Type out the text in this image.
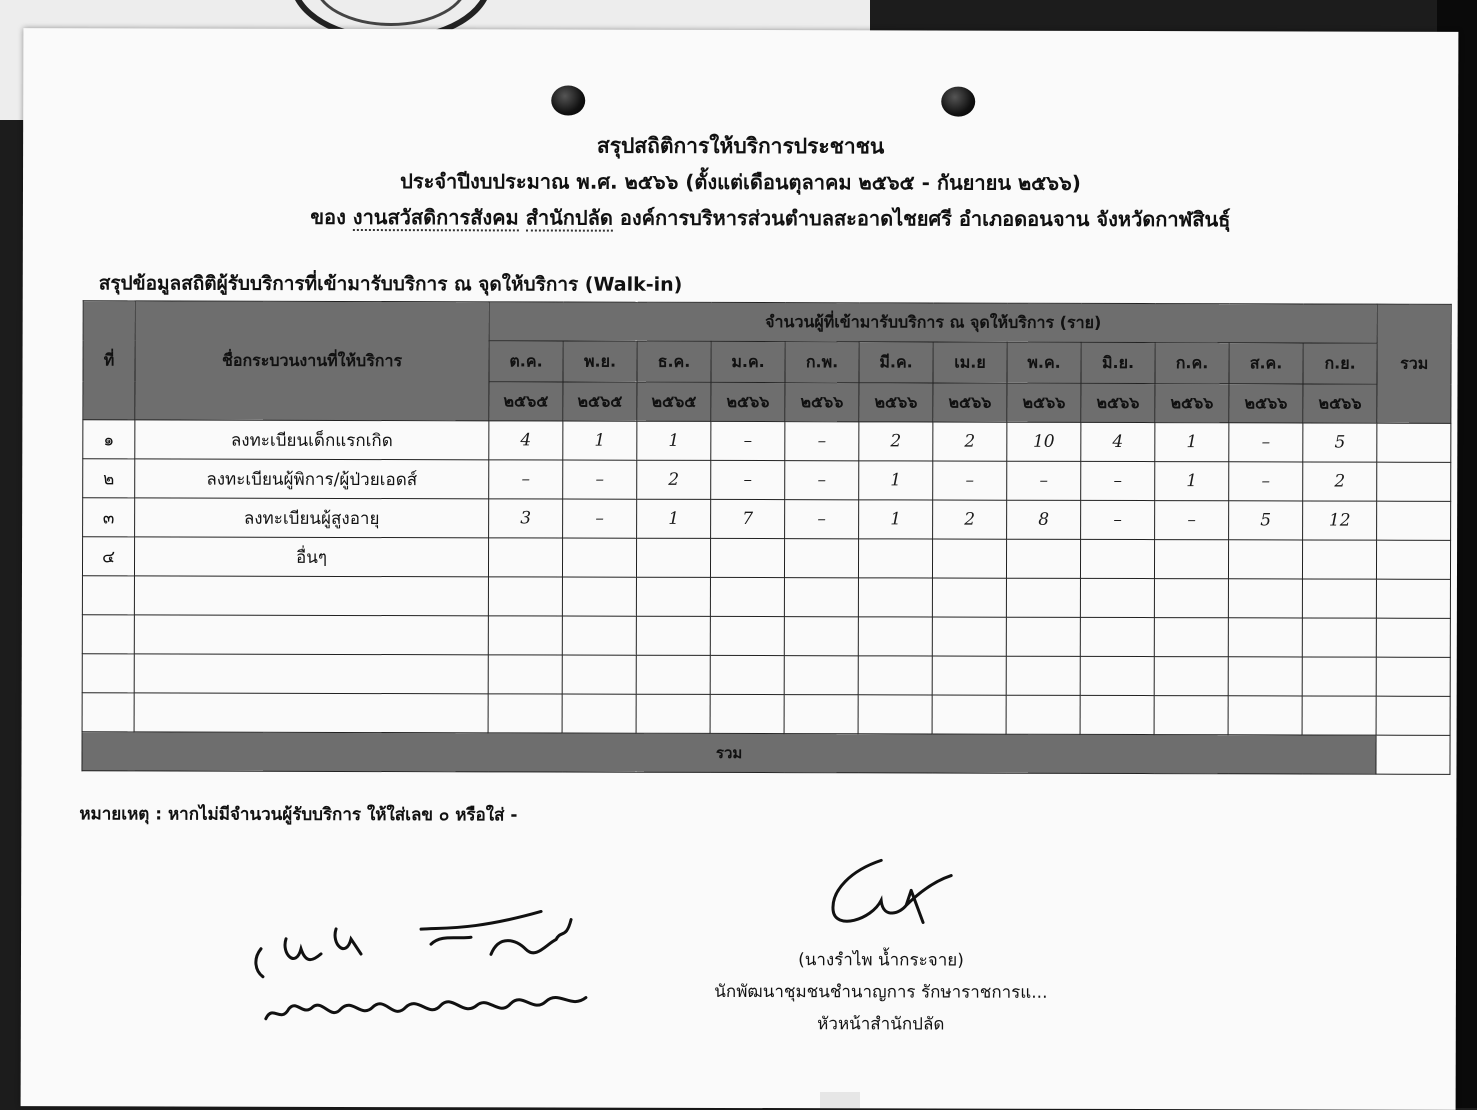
สรุปสถิติการให้บริการประชาชน
ประจำปีงบประมาณ พ.ศ. ๒๕๖๖ (ตั้งแต่เดือนตุลาคม ๒๕๖๕ - กันยายน ๒๕๖๖)
ของ งานสวัสดิการสังคม สำนักปลัด องค์การบริหารส่วนตำบลสะอาดไชยศรี อำเภอดอนจาน จังหวัดกาฬสินธุ์
สรุปข้อมูลสถิติผู้รับบริการที่เข้ามารับบริการ ณ จุดให้บริการ (Walk-in)
ที่	ชื่อกระบวนงานที่ให้บริการ	จำนวนผู้ที่เข้ามารับบริการ ณ จุดให้บริการ (ราย)												รวม
		ต.ค.	พ.ย.	ธ.ค.	ม.ค.	ก.พ.	มี.ค.	เม.ย	พ.ค.	มิ.ย.	ก.ค.	ส.ค.	ก.ย.	
		๒๕๖๕	๒๕๖๕	๒๕๖๕	๒๕๖๖	๒๕๖๖	๒๕๖๖	๒๕๖๖	๒๕๖๖	๒๕๖๖	๒๕๖๖	๒๕๖๖	๒๕๖๖	
๑	ลงทะเบียนเด็กแรกเกิด	4	1	1	–	–	2	2	10	4	1	–	5	
๒	ลงทะเบียนผู้พิการ/ผู้ป่วยเอดส์	–	–	2	–	–	1	–	–	–	1	–	2	
๓	ลงทะเบียนผู้สูงอายุ	3	–	1	7	–	1	2	8	–	–	5	12	
๔	อื่นๆ													

รวม														
หมายเหตุ : หากไม่มีจำนวนผู้รับบริการ ให้ใส่เลข ๐ หรือใส่ -
(นางรำไพ น้ำกระจาย)
นักพัฒนาชุมชนชำนาญการ รักษาราชการแ...
หัวหน้าสำนักปลัด
